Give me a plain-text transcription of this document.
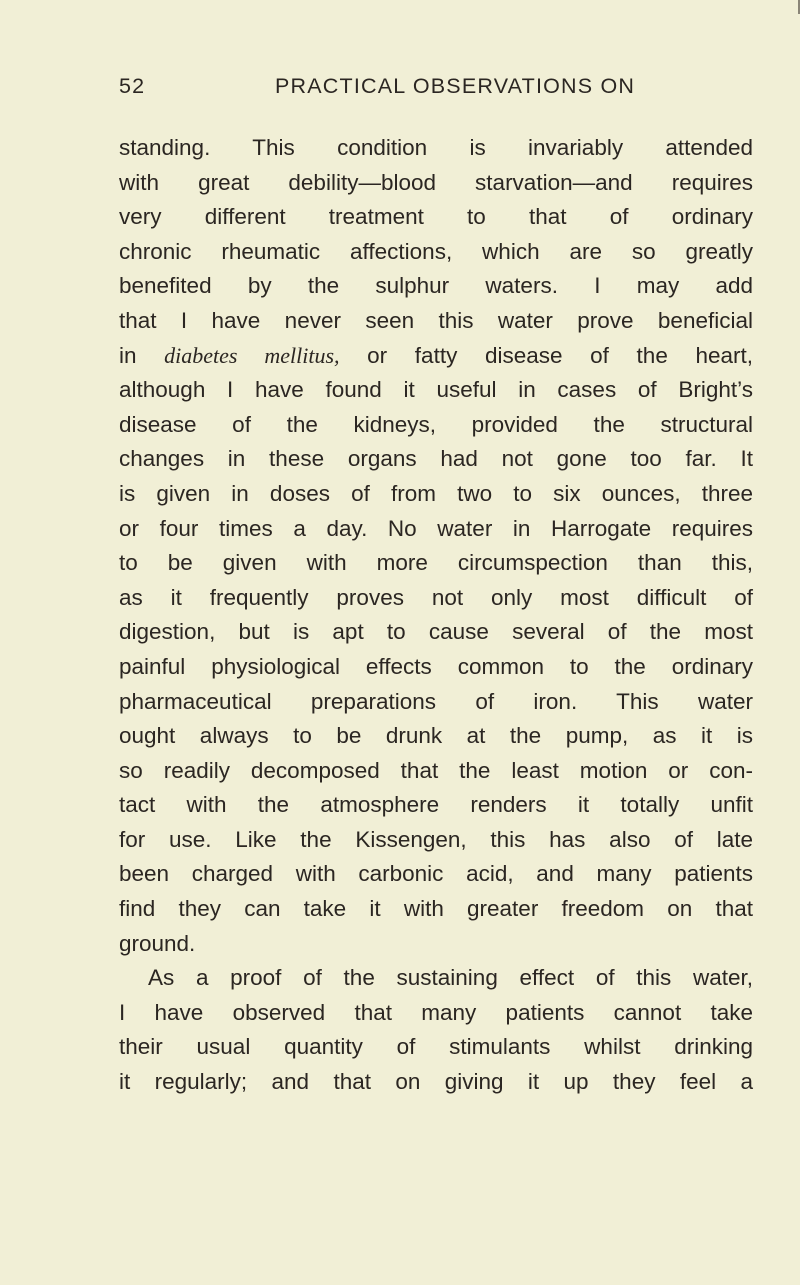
52	PRACTICAL OBSERVATIONS ON
standing. This condition is invariably attended
with great debility—blood starvation—and requires
very different treatment to that of ordinary
chronic rheumatic affections, which are so greatly
benefited by the sulphur waters. I may add
that I have never seen this water prove beneficial
in diabetes mellitus, or fatty disease of the heart,
although I have found it useful in cases of Bright’s
disease of the kidneys, provided the structural
changes in these organs had not gone too far. It
is given in doses of from two to six ounces, three
or four times a day. No water in Harrogate requires
to be given with more circumspection than this,
as it frequently proves not only most difficult of
digestion, but is apt to cause several of the most
painful physiological effects common to the ordinary
pharmaceutical preparations of iron. This water
ought always to be drunk at the pump, as it is
so readily decomposed that the least motion or con-
tact with the atmosphere renders it totally unfit
for use. Like the Kissengen, this has also of late
been charged with carbonic acid, and many patients
find they can take it with greater freedom on that
ground.
As a proof of the sustaining effect of this water,
I have observed that many patients cannot take
their usual quantity of stimulants whilst drinking
it regularly; and that on giving it up they feel a
